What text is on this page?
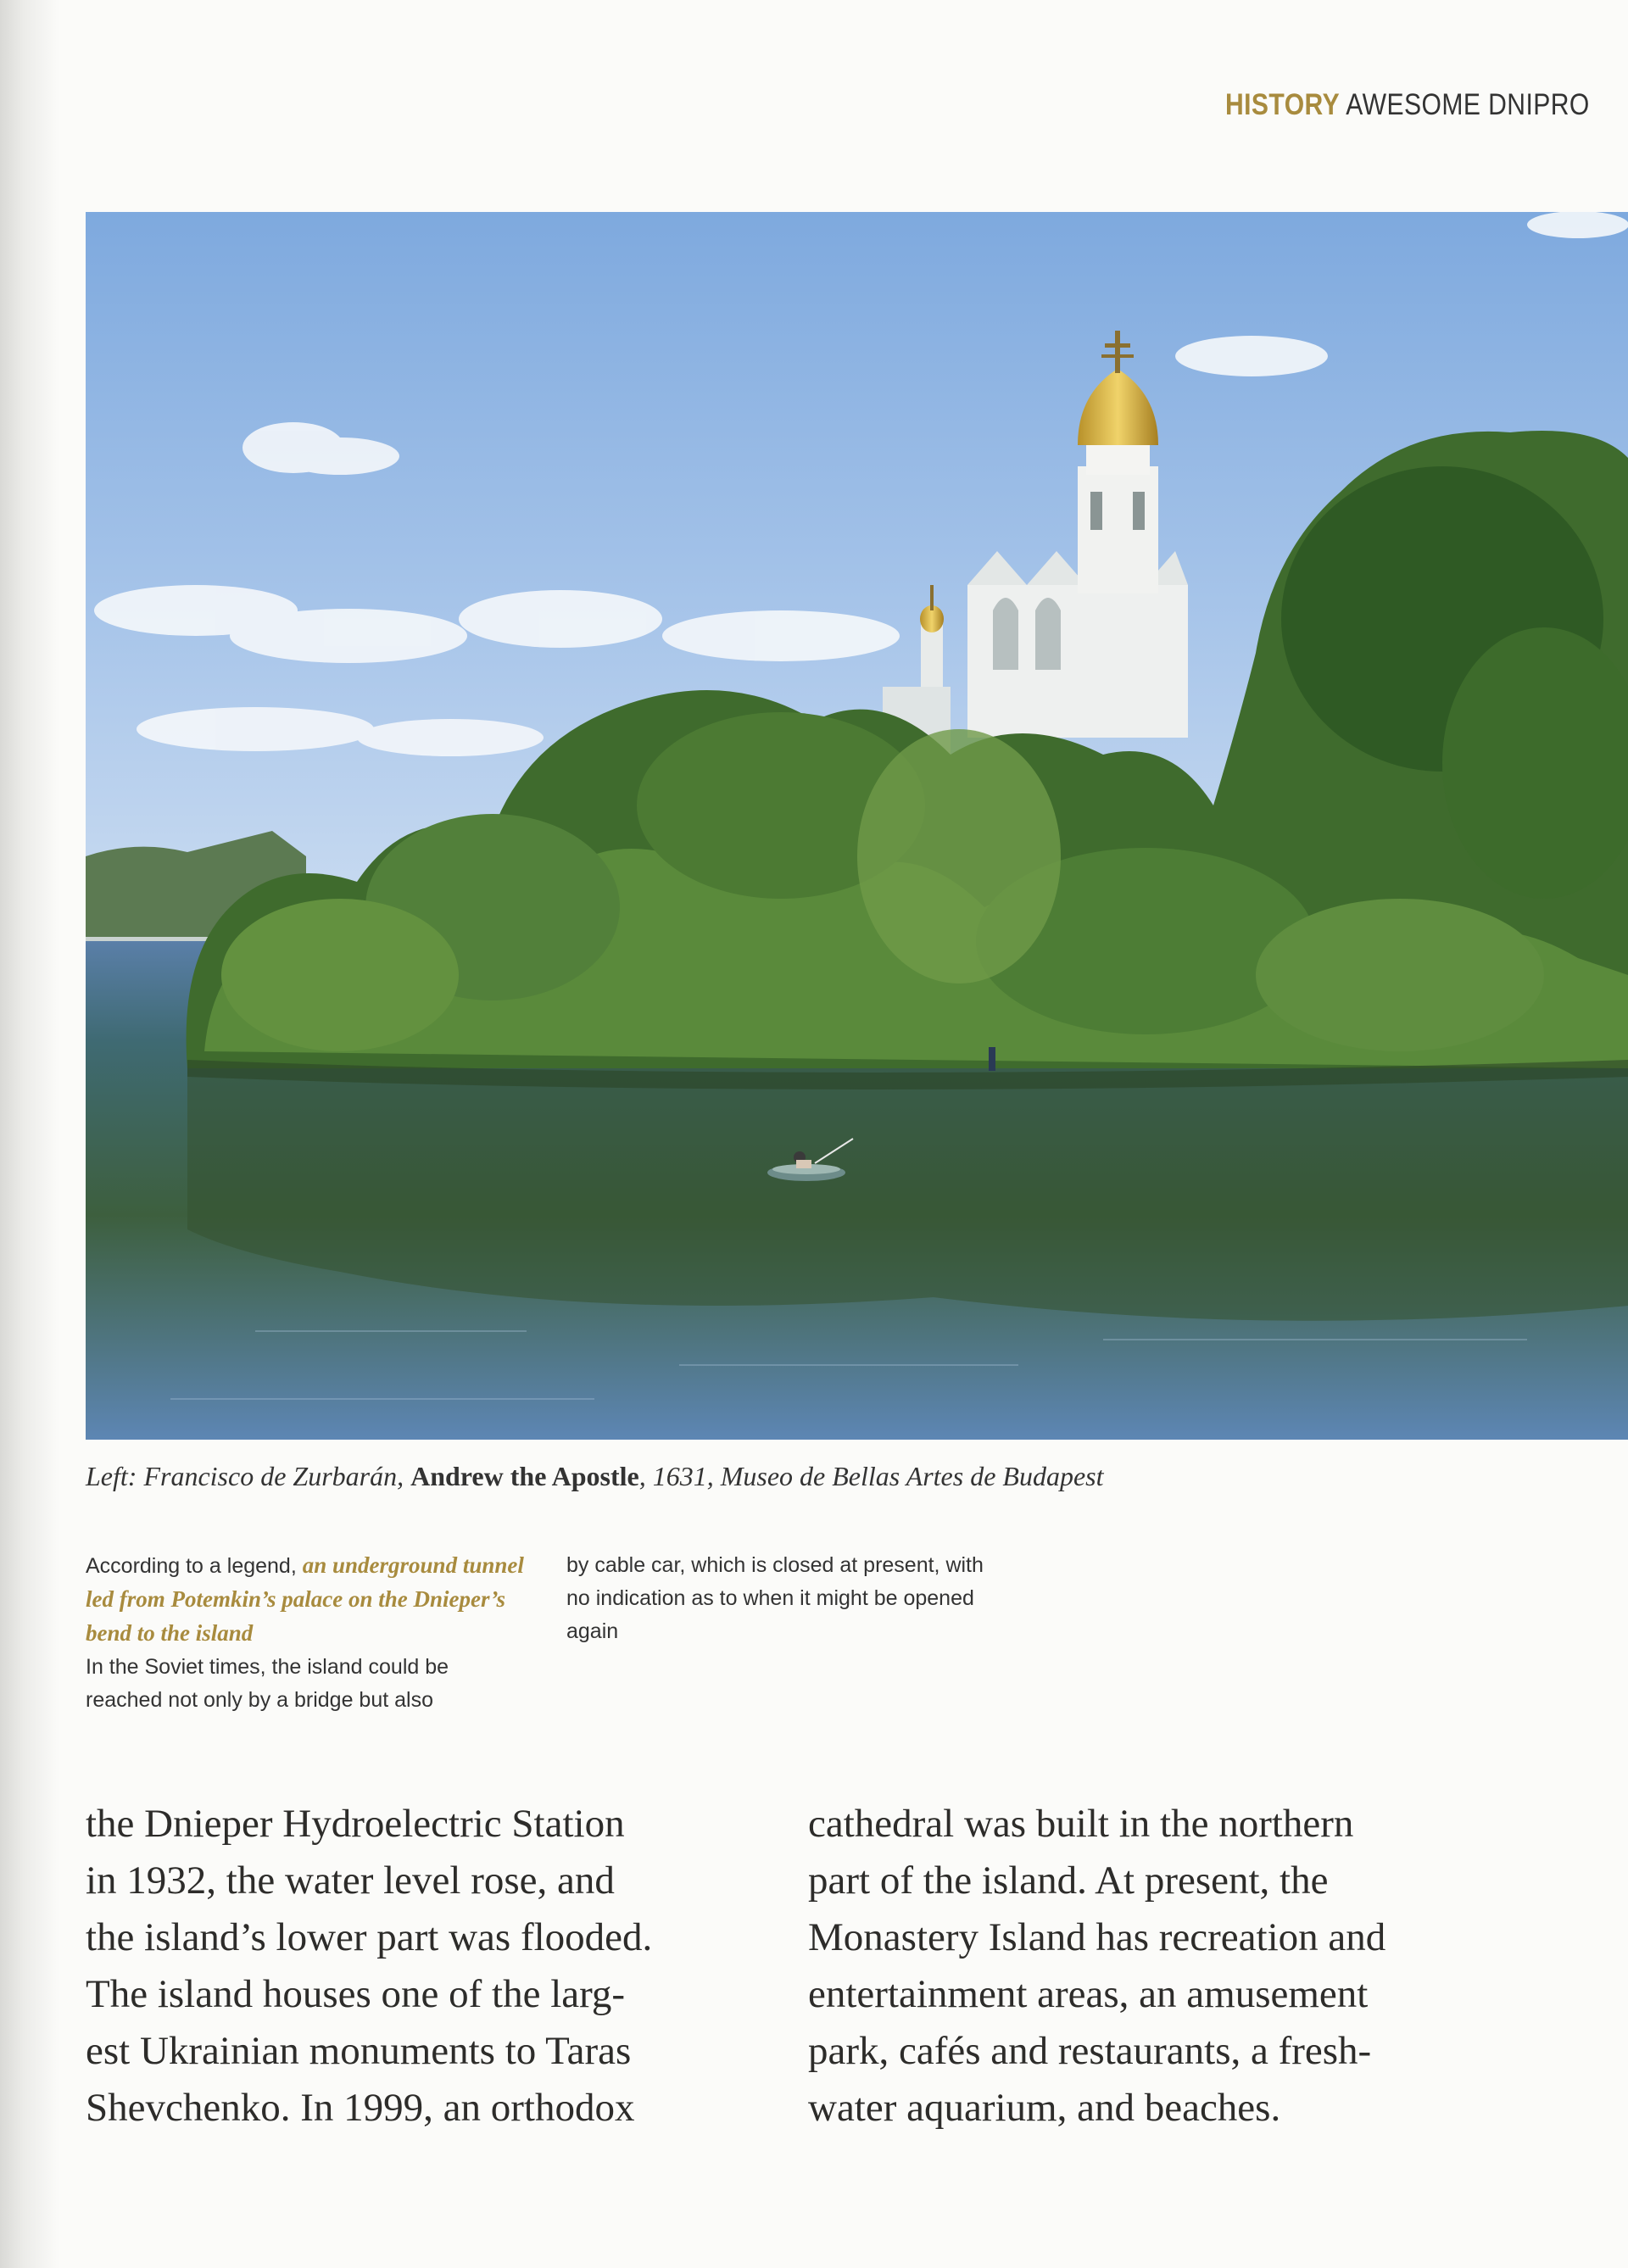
HISTORY AWESOME DNIPRO
Left: Francisco de Zurbarán, Andrew the Apostle, 1631, Museo de Bellas Artes de Budapest
According to a legend, an underground tunnel led from Potemkin’s palace on the Dnieper’s bend to the island
In the Soviet times, the island could be reached not only by a bridge but also
by cable car, which is closed at present, with no indication as to when it might be opened again
the Dnieper Hydroelectric Station
in 1932, the water level rose, and
the island’s lower part was flooded.
The island houses one of the larg-
est Ukrainian monuments to Taras
Shevchenko. In 1999, an orthodox
cathedral was built in the northern
part of the island. At present, the
Monastery Island has recreation and
entertainment areas, an amusement
park, cafés and restaurants, a fresh-
water aquarium, and beaches.
